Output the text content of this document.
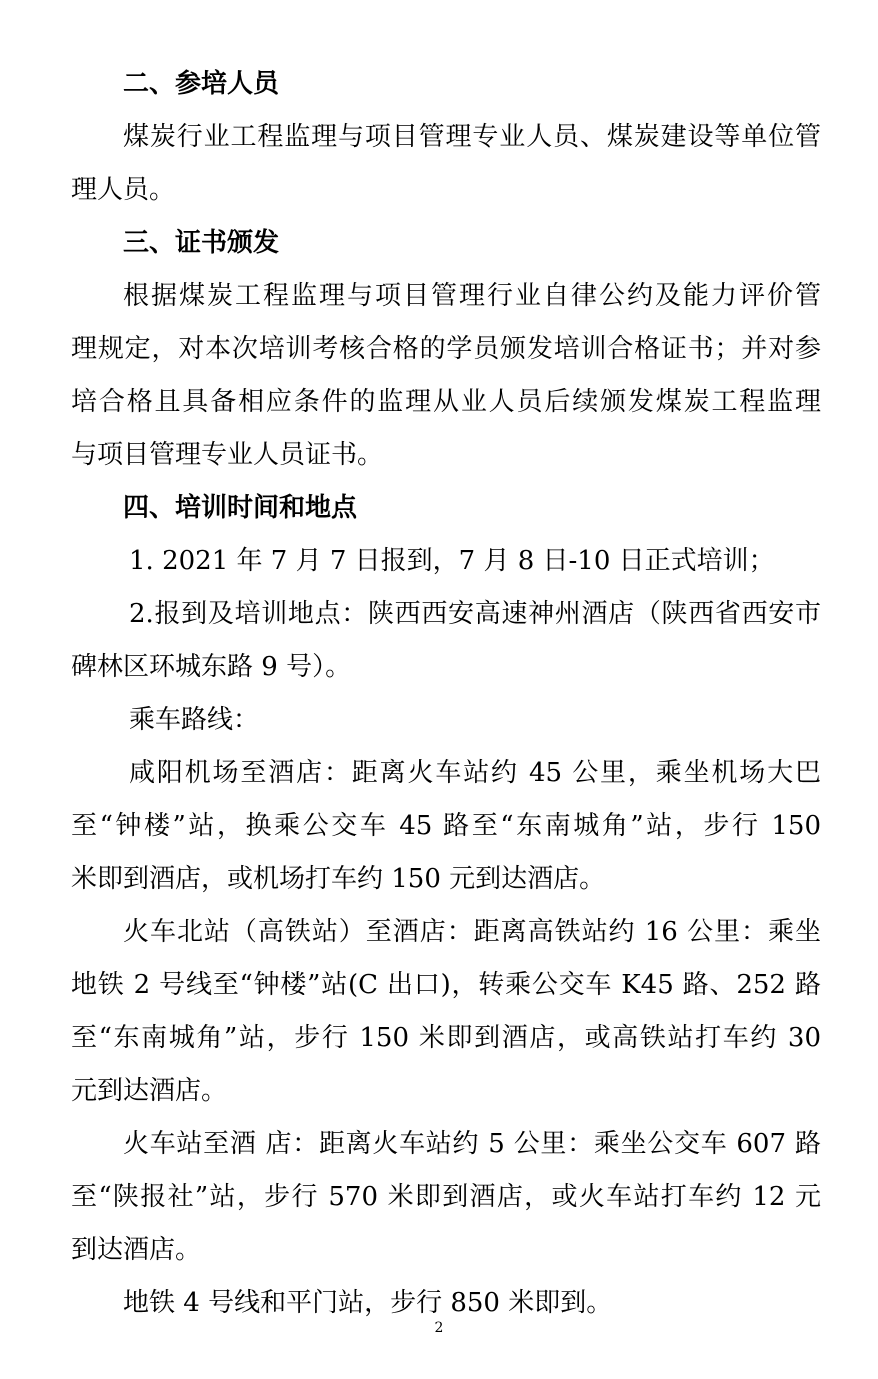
二、参培人员
煤炭行业工程监理与项目管理专业人员、煤炭建设等单位管
理人员。
三、证书颁发
根据煤炭工程监理与项目管理行业自律公约及能力评价管
理规定，对本次培训考核合格的学员颁发培训合格证书；并对参
培合格且具备相应条件的监理从业人员后续颁发煤炭工程监理
与项目管理专业人员证书。
四、培训时间和地点
1. 2021 年 7 月 7 日报到，7 月 8 日-10 日正式培训；
2.报到及培训地点：陕西西安高速神州酒店（陕西省西安市
碑林区环城东路 9 号）。
乘车路线：
咸阳机场至酒店：距离火车站约 45 公里，乘坐机场大巴
至“钟楼”站，换乘公交车 45 路至“东南城角”站，步行 150
米即到酒店，或机场打车约 150 元到达酒店。
火车北站（高铁站）至酒店：距离高铁站约 16 公里：乘坐
地铁 2 号线至“钟楼”站(C 出口)，转乘公交车 K45 路、252 路
至“东南城角”站，步行 150 米即到酒店，或高铁站打车约 30
元到达酒店。
火车站至酒 店：距离火车站约 5 公里：乘坐公交车 607 路
至“陕报社”站，步行 570 米即到酒店，或火车站打车约 12 元
到达酒店。
地铁 4 号线和平门站，步行 850 米即到。
2
